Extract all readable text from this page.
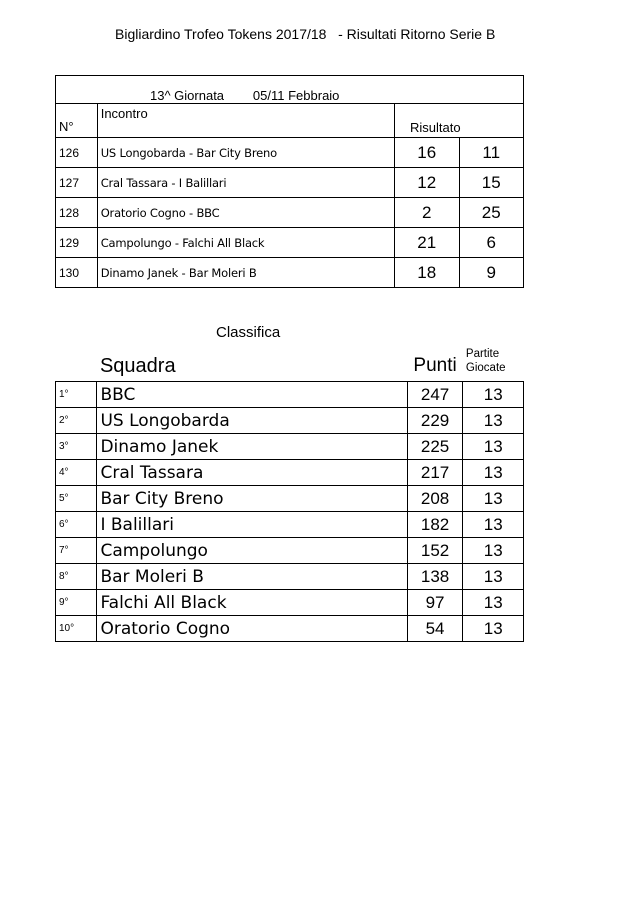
Bigliardino Trofeo Tokens 2017/18   - Risultati Ritorno Serie B
13^ Giornata        05/11 Febbraio			

N°	Incontro	Risultato	
126	US Longobarda - Bar City Breno	16	11
127	Cral Tassara - I Balillari	12	15
128	Oratorio Cogno - BBC	2	25
129	Campolungo - Falchi All Black	21	6
130	Dinamo Janek - Bar Moleri B	18	9
Classifica
	Squadra	Punti	Partite
Giocate

1°	BBC	247	13
2°	US Longobarda	229	13
3°	Dinamo Janek	225	13
4°	Cral Tassara	217	13
5°	Bar City Breno	208	13
6°	I Balillari	182	13
7°	Campolungo	152	13
8°	Bar Moleri B	138	13
9°	Falchi All Black	97	13
10°	Oratorio Cogno	54	13
